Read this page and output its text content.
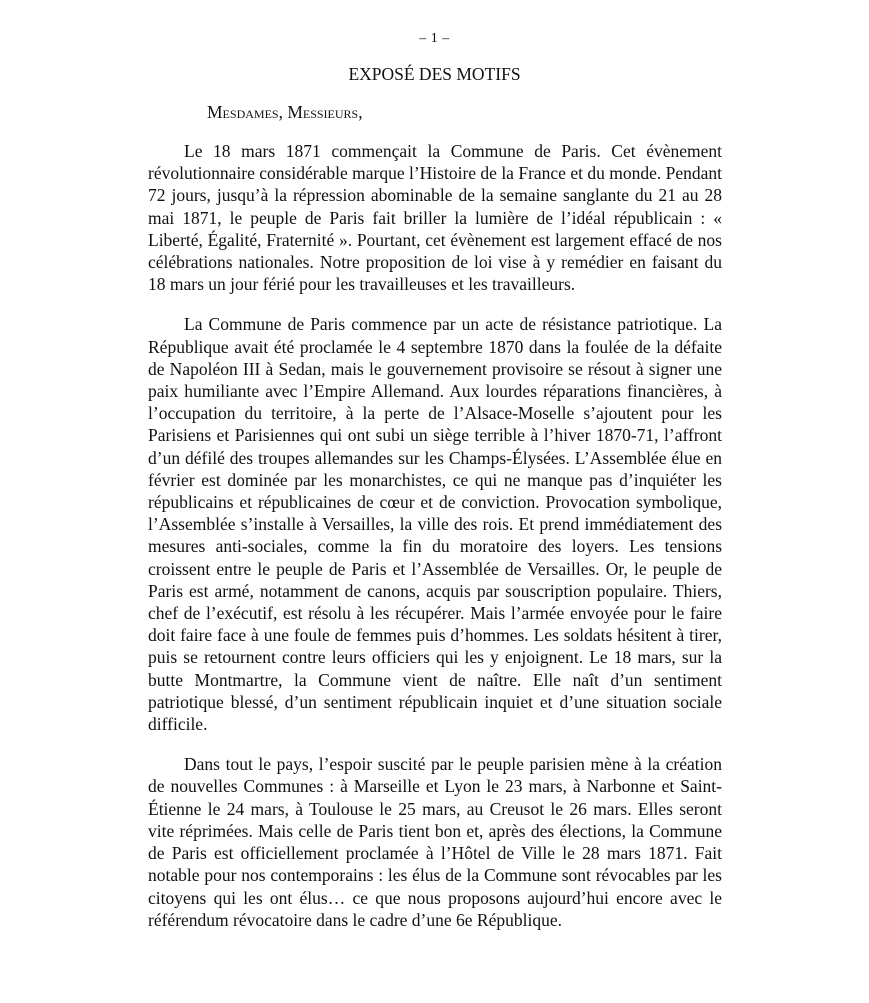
– 1 –
EXPOSÉ DES MOTIFS
Mesdames, Messieurs,

Le 18 mars 1871 commençait la Commune de Paris. Cet évènement révolutionnaire considérable marque l’Histoire de la France et du monde. Pendant 72 jours, jusqu’à la répression abominable de la semaine sanglante du 21 au 28 mai 1871, le peuple de Paris fait briller la lumière de l’idéal républicain : « Liberté, Égalité, Fraternité ». Pourtant, cet évènement est largement effacé de nos célébrations nationales. Notre proposition de loi vise à y remédier en faisant du 18 mars un jour férié pour les travailleuses et les travailleurs.

La Commune de Paris commence par un acte de résistance patriotique. La République avait été proclamée le 4 septembre 1870 dans la foulée de la défaite de Napoléon III à Sedan, mais le gouvernement provisoire se résout à signer une paix humiliante avec l’Empire Allemand. Aux lourdes réparations financières, à l’occupation du territoire, à la perte de l’Alsace-Moselle s’ajoutent pour les Parisiens et Parisiennes qui ont subi un siège terrible à l’hiver 1870-71, l’affront d’un défilé des troupes allemandes sur les Champs-Élysées. L’Assemblée élue en février est dominée par les monarchistes, ce qui ne manque pas d’inquiéter les républicains et républicaines de cœur et de conviction. Provocation symbolique, l’Assemblée s’installe à Versailles, la ville des rois. Et prend immédiatement des mesures anti-sociales, comme la fin du moratoire des loyers. Les tensions croissent entre le peuple de Paris et l’Assemblée de Versailles. Or, le peuple de Paris est armé, notamment de canons, acquis par souscription populaire. Thiers, chef de l’exécutif, est résolu à les récupérer. Mais l’armée envoyée pour le faire doit faire face à une foule de femmes puis d’hommes. Les soldats hésitent à tirer, puis se retournent contre leurs officiers qui les y enjoignent. Le 18 mars, sur la butte Montmartre, la Commune vient de naître. Elle naît d’un sentiment patriotique blessé, d’un sentiment républicain inquiet et d’une situation sociale difficile.

Dans tout le pays, l’espoir suscité par le peuple parisien mène à la création de nouvelles Communes : à Marseille et Lyon le 23 mars, à Narbonne et Saint-Étienne le 24 mars, à Toulouse le 25 mars, au Creusot le 26 mars. Elles seront vite réprimées. Mais celle de Paris tient bon et, après des élections, la Commune de Paris est officiellement proclamée à l’Hôtel de Ville le 28 mars 1871. Fait notable pour nos contemporains : les élus de la Commune sont révocables par les citoyens qui les ont élus… ce que nous proposons aujourd’hui encore avec le référendum révocatoire dans le cadre d’une 6e République.
